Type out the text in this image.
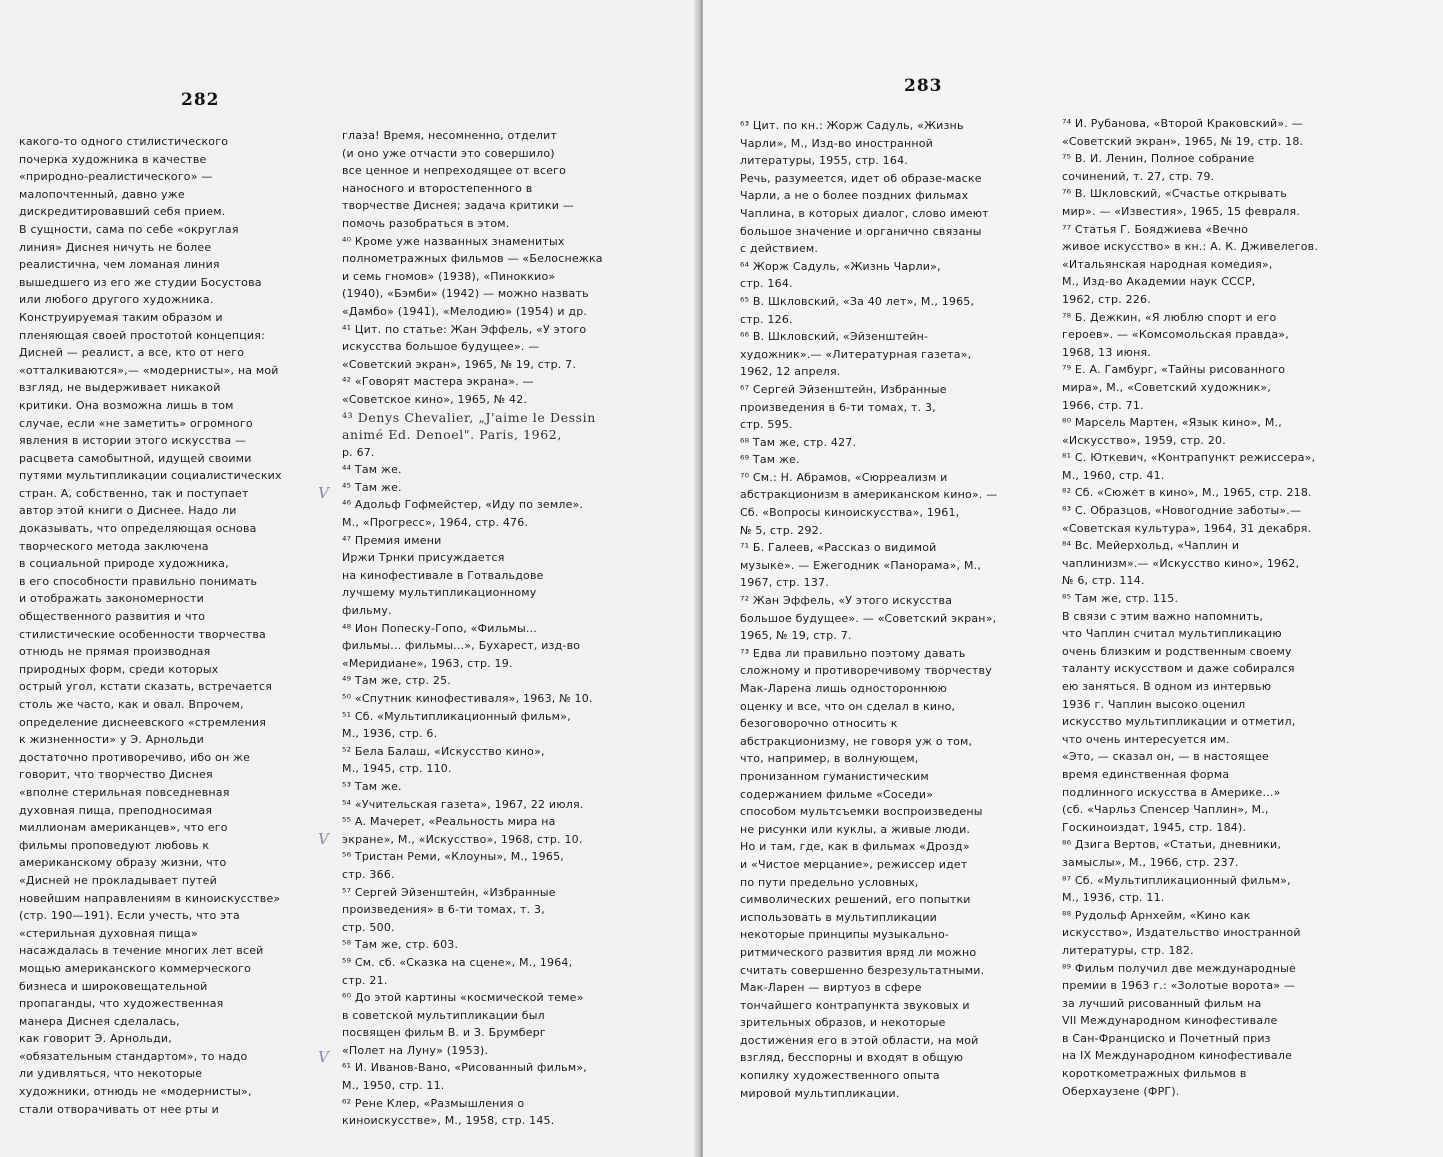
282
какого-то одного стилистического
почерка художника в качестве
«природно-реалистического» —
малопочтенный, давно уже
дискредитировавший себя прием.
В сущности, сама по себе «округлая
линия» Диснея ничуть не более
реалистична, чем ломаная линия
вышедшего из его же студии Босустова
или любого другого художника.
Конструируемая таким образом и
пленяющая своей простотой концепция:
Дисней — реалист, а все, кто от него
«отталкиваются»,— «модернисты», на мой
взгляд, не выдерживает никакой
критики. Она возможна лишь в том
случае, если «не заметить» огромного
явления в истории этого искусства —
расцвета самобытной, идущей своими
путями мультипликации социалистических
стран. А, собственно, так и поступает
автор этой книги о Диснее. Надо ли
доказывать, что определяющая основа
творческого метода заключена
в социальной природе художника,
в его способности правильно понимать
и отображать закономерности
общественного развития и что
стилистические особенности творчества
отнюдь не прямая производная
природных форм, среди которых
острый угол, кстати сказать, встречается
столь же часто, как и овал. Впрочем,
определение диснеевского «стремления
к жизненности» у Э. Арнольди
достаточно противоречиво, ибо он же
говорит, что творчество Диснея
«вполне стерильная повседневная
духовная пища, преподносимая
миллионам американцев», что его
фильмы проповедуют любовь к
американскому образу жизни, что
«Дисней не прокладывает путей
новейшим направлениям в киноискусстве»
(стр. 190—191). Если учесть, что эта
«стерильная духовная пища»
насаждалась в течение многих лет всей
мощью американского коммерческого
бизнеса и широковещательной
пропаганды, что художественная
манера Диснея сделалась,
как говорит Э. Арнольди,
«обязательным стандартом», то надо
ли удивляться, что некоторые
художники, отнюдь не «модернисты»,
стали отворачивать от нее рты и
глаза! Время, несомненно, отделит
(и оно уже отчасти это совершило)
все ценное и непреходящее от всего
наносного и второстепенного в
творчестве Диснея; задача критики —
помочь разобраться в этом.
⁴⁰ Кроме уже названных знаменитых
полнометражных фильмов — «Белоснежка
и семь гномов» (1938), «Пиноккио»
(1940), «Бэмби» (1942) — можно назвать
«Дамбо» (1941), «Мелодию» (1954) и др.
⁴¹ Цит. по статье: Жан Эффель, «У этого
искусства большое будущее». —
«Советский экран», 1965, № 19, стр. 7.
⁴² «Говорят мастера экрана». —
«Советское кино», 1965, № 42.
⁴³ Denys Chevalier, „J'aime le Dessin
animé Ed. Denoel". Paris, 1962,
p. 67.
⁴⁴ Там же.
⁴⁵ Там же.
⁴⁶ Адольф Гофмейстер, «Иду по земле».
М., «Прогресс», 1964, стр. 476.
⁴⁷ Премия имени
Иржи Трнки присуждается
на кинофестивале в Готвальдове
лучшему мультипликационному
фильму.
⁴⁸ Ион Попеску-Гопо, «Фильмы...
фильмы... фильмы...», Бухарест, изд-во
«Меридиане», 1963, стр. 19.
⁴⁹ Там же, стр. 25.
⁵⁰ «Спутник кинофестиваля», 1963, № 10.
⁵¹ Сб. «Мультипликационный фильм»,
М., 1936, стр. 6.
⁵² Бела Балаш, «Искусство кино»,
М., 1945, стр. 110.
⁵³ Там же.
⁵⁴ «Учительская газета», 1967, 22 июля.
⁵⁵ А. Мачерет, «Реальность мира на
экране», М., «Искусство», 1968, стр. 10.
⁵⁶ Тристан Реми, «Клоуны», М., 1965,
стр. 366.
⁵⁷ Сергей Эйзенштейн, «Избранные
произведения» в 6-ти томах, т. 3,
стр. 500.
⁵⁸ Там же, стр. 603.
⁵⁹ См. сб. «Сказка на сцене», М., 1964,
стр. 21.
⁶⁰ До этой картины «космической теме»
в советской мультипликации был
посвящен фильм В. и З. Брумберг
«Полет на Луну» (1953).
⁶¹ И. Иванов-Вано, «Рисованный фильм»,
М., 1950, стр. 11.
⁶² Рене Клер, «Размышления о
киноискусстве», М., 1958, стр. 145.
V
V
V
283
⁶³ Цит. по кн.: Жорж Садуль, «Жизнь
Чарли», М., Изд-во иностранной
литературы, 1955, стр. 164.
Речь, разумеется, идет об образе-маске
Чарли, а не о более поздних фильмах
Чаплина, в которых диалог, слово имеют
большое значение и органично связаны
с действием.
⁶⁴ Жорж Садуль, «Жизнь Чарли»,
стр. 164.
⁶⁵ В. Шкловский, «За 40 лет», М., 1965,
стр. 126.
⁶⁶ В. Шкловский, «Эйзенштейн-
художник».— «Литературная газета»,
1962, 12 апреля.
⁶⁷ Сергей Эйзенштейн, Избранные
произведения в 6-ти томах, т. 3,
стр. 595.
⁶⁸ Там же, стр. 427.
⁶⁹ Там же.
⁷⁰ См.: Н. Абрамов, «Сюрреализм и
абстракционизм в американском кино». —
Сб. «Вопросы киноискусства», 1961,
№ 5, стр. 292.
⁷¹ Б. Галеев, «Рассказ о видимой
музыке». — Ежегодник «Панорама», М.,
1967, стр. 137.
⁷² Жан Эффель, «У этого искусства
большое будущее». — «Советский экран»,
1965, № 19, стр. 7.
⁷³ Едва ли правильно поэтому давать
сложному и противоречивому творчеству
Мак-Ларена лишь одностороннюю
оценку и все, что он сделал в кино,
безоговорочно относить к
абстракционизму, не говоря уж о том,
что, например, в волнующем,
пронизанном гуманистическим
содержанием фильме «Соседи»
способом мультсъемки воспроизведены
не рисунки или куклы, а живые люди.
Но и там, где, как в фильмах «Дрозд»
и «Чистое мерцание», режиссер идет
по пути предельно условных,
символических решений, его попытки
использовать в мультипликации
некоторые принципы музыкально-
ритмического развития вряд ли можно
считать совершенно безрезультатными.
Мак-Ларен — виртуоз в сфере
тончайшего контрапункта звуковых и
зрительных образов, и некоторые
достижения его в этой области, на мой
взгляд, бесспорны и входят в общую
копилку художественного опыта
мировой мультипликации.
⁷⁴ И. Рубанова, «Второй Краковский». —
«Советский экран», 1965, № 19, стр. 18.
⁷⁵ В. И. Ленин, Полное собрание
сочинений, т. 27, стр. 79.
⁷⁶ В. Шкловский, «Счастье открывать
мир». — «Известия», 1965, 15 февраля.
⁷⁷ Статья Г. Бояджиева «Вечно
живое искусство» в кн.: А. К. Дживелегов.
«Итальянская народная комедия»,
М., Изд-во Академии наук СССР,
1962, стр. 226.
⁷⁸ Б. Дежкин, «Я люблю спорт и его
героев». — «Комсомольская правда»,
1968, 13 июня.
⁷⁹ Е. А. Гамбург, «Тайны рисованного
мира», М., «Советский художник»,
1966, стр. 71.
⁸⁰ Марсель Мартен, «Язык кино», М.,
«Искусство», 1959, стр. 20.
⁸¹ С. Юткевич, «Контрапункт режиссера»,
М., 1960, стр. 41.
⁸² Сб. «Сюжет в кино», М., 1965, стр. 218.
⁸³ С. Образцов, «Новогодние заботы».—
«Советская культура», 1964, 31 декабря.
⁸⁴ Вс. Мейерхольд, «Чаплин и
чаплинизм».— «Искусство кино», 1962,
№ 6, стр. 114.
⁸⁵ Там же, стр. 115.
В связи с этим важно напомнить,
что Чаплин считал мультипликацию
очень близким и родственным своему
таланту искусством и даже собирался
ею заняться. В одном из интервью
1936 г. Чаплин высоко оценил
искусство мультипликации и отметил,
что очень интересуется им.
«Это, — сказал он, — в настоящее
время единственная форма
подлинного искусства в Америке...»
(сб. «Чарльз Спенсер Чаплин», М.,
Госкиноиздат, 1945, стр. 184).
⁸⁶ Дзига Вертов, «Статьи, дневники,
замыслы», М., 1966, стр. 237.
⁸⁷ Сб. «Мультипликационный фильм»,
М., 1936, стр. 11.
⁸⁸ Рудольф Арнхейм, «Кино как
искусство», Издательство иностранной
литературы, стр. 182.
⁸⁹ Фильм получил две международные
премии в 1963 г.: «Золотые ворота» —
за лучший рисованный фильм на
VII Международном кинофестивале
в Сан-Франциско и Почетный приз
на IX Международном кинофестивале
короткометражных фильмов в
Оберхаузене (ФРГ).
